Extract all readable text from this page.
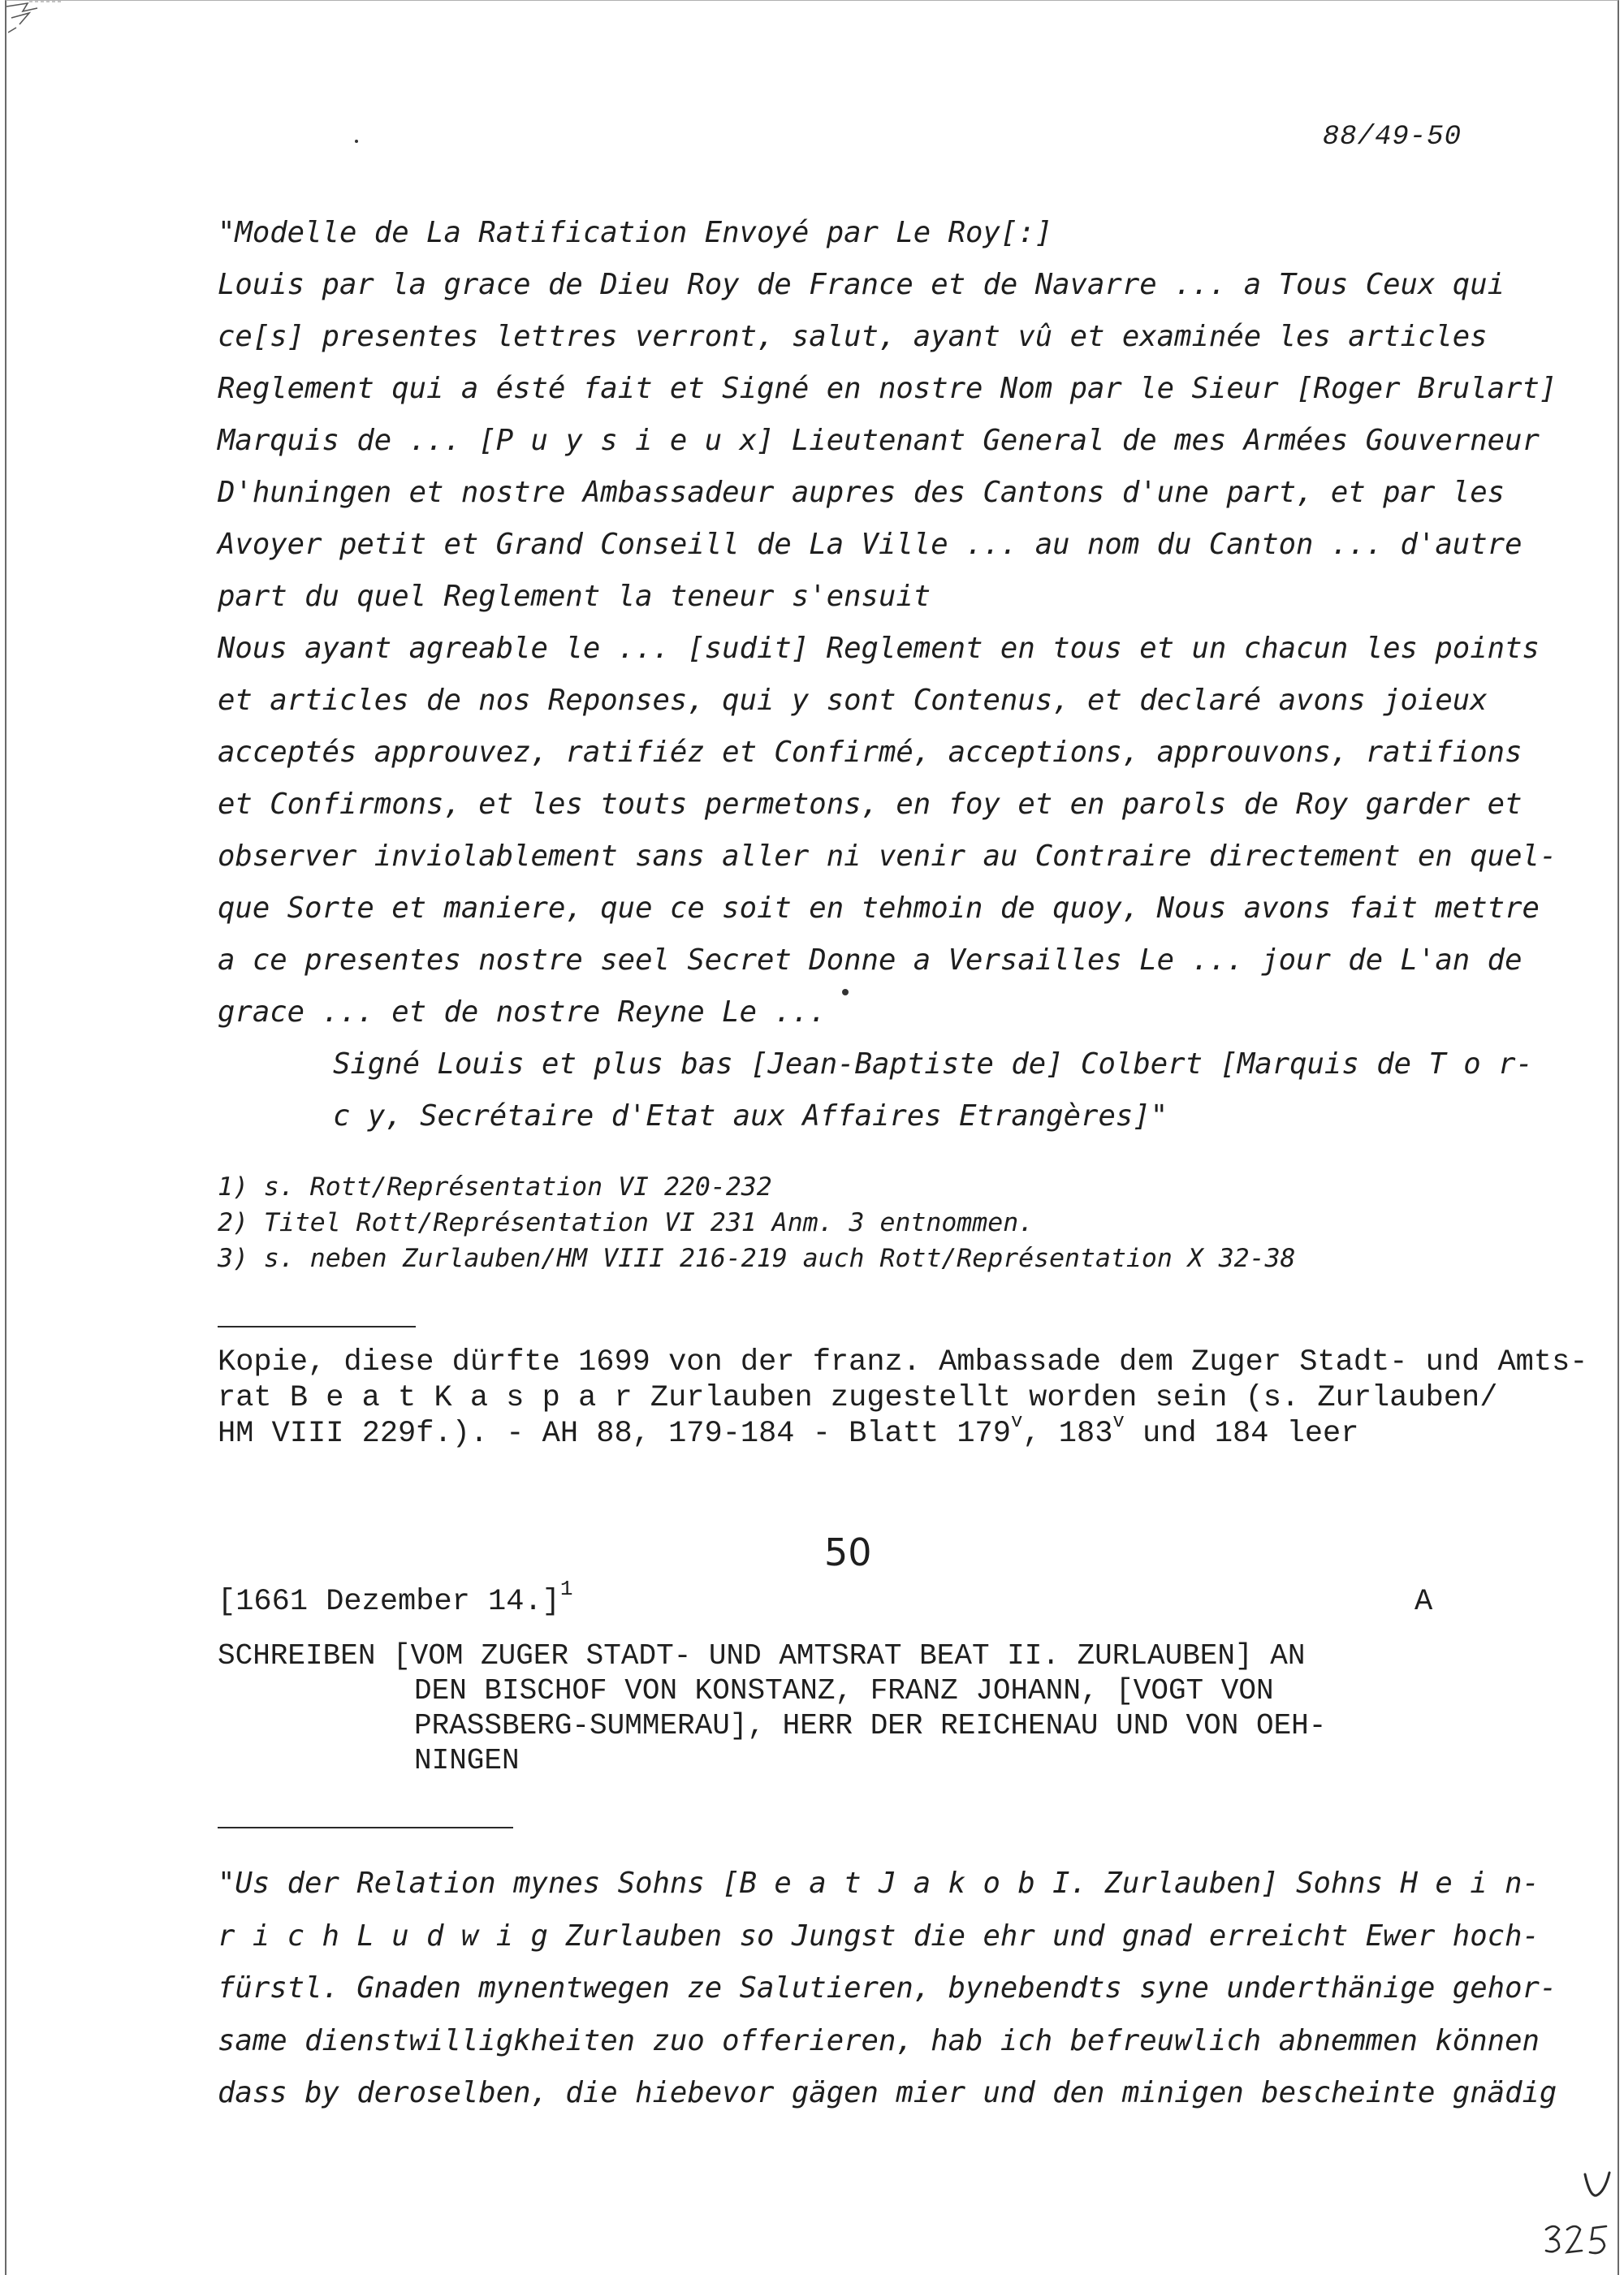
88/49-50
"Modelle de La Ratification Envoyé par Le Roy[:]
Louis par la grace de Dieu Roy de France et de Navarre ... a Tous Ceux qui
ce[s] presentes lettres verront, salut, ayant vû et examinée les articles
Reglement qui a ésté fait et Signé en nostre Nom par le Sieur [Roger Brulart]
Marquis de ... [P u y s i e u x] Lieutenant General de mes Armées Gouverneur
D'huningen et nostre Ambassadeur aupres des Cantons d'une part, et par les
Avoyer petit et Grand Conseill de La Ville ... au nom du Canton ... d'autre
part du quel Reglement la teneur s'ensuit
Nous ayant agreable le ... [sudit] Reglement en tous et un chacun les points
et articles de nos Reponses, qui y sont Contenus, et declaré avons joieux
acceptés approuvez, ratifiéz et Confirmé, acceptions, approuvons, ratifions
et Confirmons, et les touts permetons, en foy et en parols de Roy garder et
observer inviolablement sans aller ni venir au Contraire directement en quel-
que Sorte et maniere, que ce soit en tehmoin de quoy, Nous avons fait mettre
a ce presentes nostre seel Secret Donne a Versailles Le ... jour de L'an de
grace ... et de nostre Reyne Le ...
Signé Louis et plus bas [Jean-Baptiste de] Colbert [Marquis de T o r-
c y, Secrétaire d'Etat aux Affaires Etrangères]"
1) s. Rott/Représentation VI 220-232
2) Titel Rott/Représentation VI 231 Anm. 3 entnommen.
3) s. neben Zurlauben/HM VIII 216-219 auch Rott/Représentation X 32-38
Kopie, diese dürfte 1699 von der franz. Ambassade dem Zuger Stadt- und Amts-
rat B e a t K a s p a r Zurlauben zugestellt worden sein (s. Zurlauben/
HM VIII 229f.). - AH 88, 179-184 - Blatt 179$^v$, 183$^v$ und 184 leer
50
[1661 Dezember 14.]$^1$	A
SCHREIBEN [VOM ZUGER STADT- UND AMTSRAT BEAT II. ZURLAUBEN] AN
DEN BISCHOF VON KONSTANZ, FRANZ JOHANN, [VOGT VON
PRASSBERG-SUMMERAU], HERR DER REICHENAU UND VON OEH-
NINGEN
"Us der Relation mynes Sohns [B e a t J a k o b I. Zurlauben] Sohns H e i n-
r i c h L u d w i g Zurlauben so Jungst die ehr und gnad erreicht Ewer hoch-
fürstl. Gnaden mynentwegen ze Salutieren, bynebendts syne underthänige gehor-
same dienstwilligkheiten zuo offerieren, hab ich befreuwlich abnemmen können
dass by deroselben, die hiebevor gägen mier und den minigen bescheinte gnädig
